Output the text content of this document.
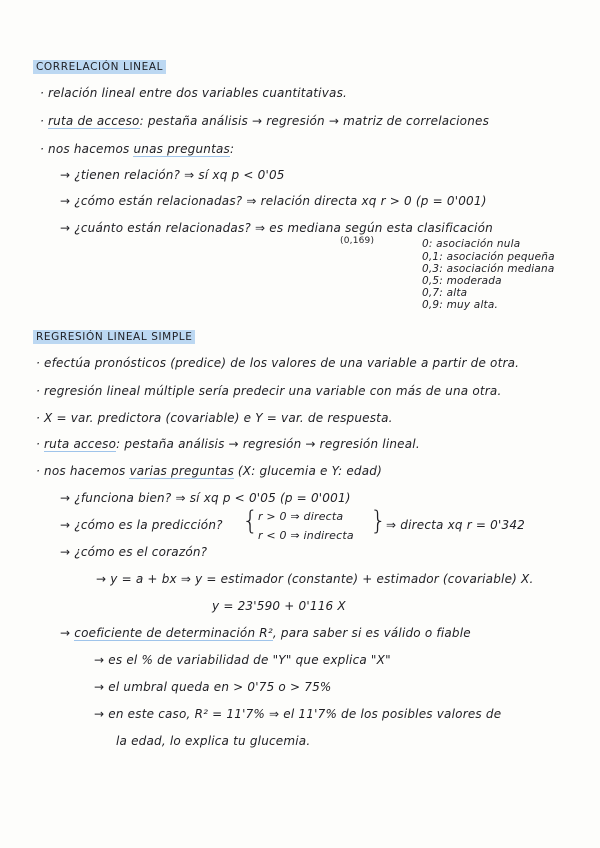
CORRELACIÓN LINEAL
· relación lineal entre dos variables cuantitativas.
· ruta de acceso: pestaña análisis → regresión → matriz de correlaciones
· nos hacemos unas preguntas:
→ ¿tienen relación? ⇒ sí xq p < 0'05
→ ¿cómo están relacionadas? ⇒ relación directa xq r > 0 (p = 0'001)
→ ¿cuánto están relacionadas? ⇒ es mediana según esta clasificación
(0,169)	0: asociación nula
0,1: asociación pequeña
0,3: asociación mediana
0,5: moderada
0,7: alta
0,9: muy alta.
REGRESIÓN LINEAL SIMPLE
· efectúa pronósticos (predice) de los valores de una variable a partir de otra.
· regresión lineal múltiple sería predecir una variable con más de una otra.
· X = var. predictora (covariable) e Y = var. de respuesta.
· ruta acceso: pestaña análisis → regresión → regresión lineal.
· nos hacemos varias preguntas (X: glucemia e Y: edad)
→ ¿funciona bien? ⇒ sí xq p < 0'05 (p = 0'001)
→ ¿cómo es la predicción? { r > 0 ⇒ directa
r < 0 ⇒ indirecta } ⇒ directa xq r = 0'342
→ ¿cómo es el corazón?
→ y = a + bx ⇒ y = estimador (constante) + estimador (covariable) X.
y = 23'590 + 0'116 X
→ coeficiente de determinación R², para saber si es válido o fiable
→ es el % de variabilidad de "Y" que explica "X"
→ el umbral queda en > 0'75 o > 75%
→ en este caso, R² = 11'7% ⇒ el 11'7% de los posibles valores de
la edad, lo explica tu glucemia.
